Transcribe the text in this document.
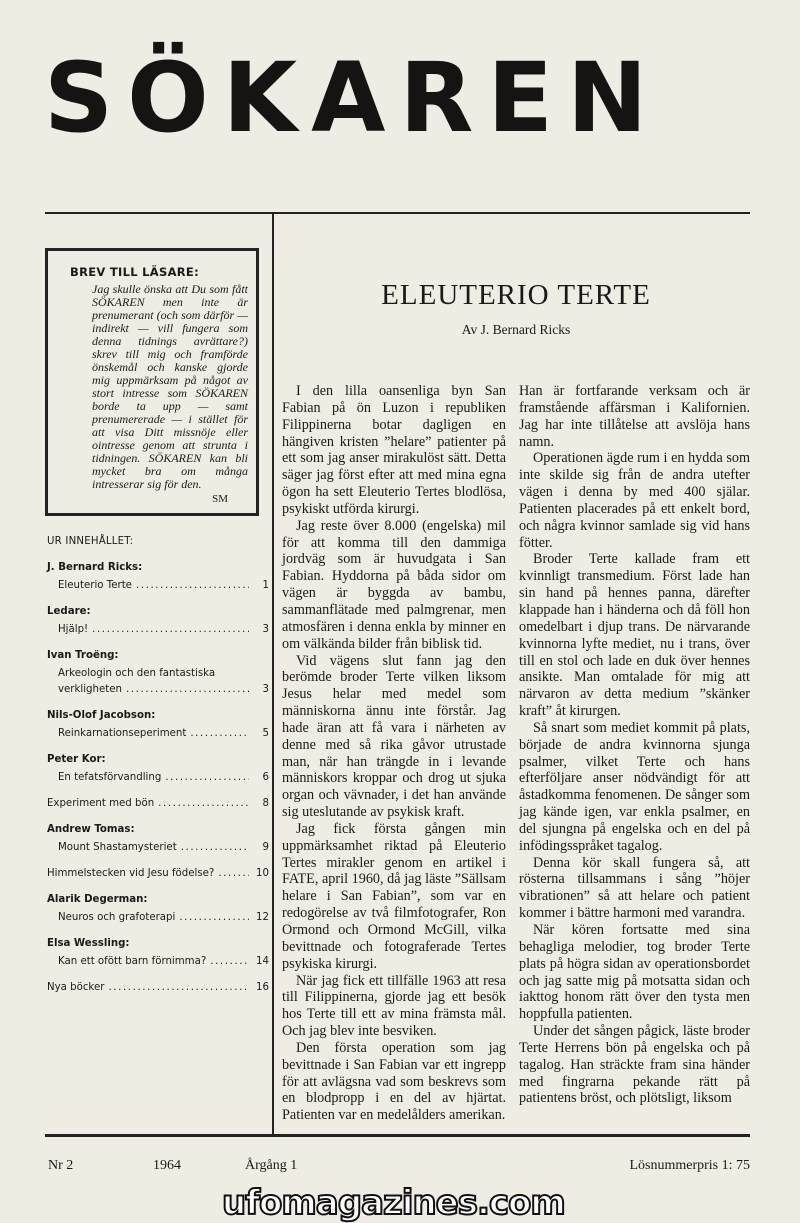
SÖKAREN
BREV TILL LÄSARE:
Jag skulle önska att Du som fått SÖKAREN men inte är prenumerant (och som därför — indirekt — vill fungera som denna tidnings avrättare?) skrev till mig och framförde önskemål och kanske gjorde mig uppmärksam på något av stort intresse som SÖKAREN borde ta upp — samt prenumererade — i stället för att visa Ditt missnöje eller ointresse genom att strunta i tidningen. SÖKAREN kan bli mycket bra om många intresserar sig för den.
SM
UR INNEHÅLLET:
J. Bernard Ricks:
Eleuterio Terte .....	1
Ledare:
Hjälp! .....	3
Ivan Troëng:
Arkeologin och den fantastiska
verkligheten .....	3
Nils-Olof Jacobson:
Reinkarnationseperiment .....	5
Peter Kor:
En tefatsförvandling .....	6
Experiment med bön .....	8
Andrew Tomas:
Mount Shastamysteriet .....	9
Himmelstecken vid Jesu födelse? .....	10
Alarik Degerman:
Neuros och grafoterapi .....	12
Elsa Wessling:
Kan ett ofött barn förnimma? .....	14
Nya böcker .....	16
ELEUTERIO TERTE
Av J. Bernard Ricks

I den lilla oansenliga byn San Fabian på ön Luzon i republiken Filippinerna botar dagligen en hängiven kristen ”helare” patienter på ett som jag anser mirakulöst sätt. Detta säger jag först efter att med mina egna ögon ha sett Eleuterio Tertes blodlösa, psykiskt utförda kirurgi.

Jag reste över 8.000 (engelska) mil för att komma till den dammiga jordväg som är huvudgata i San Fabian. Hyddorna på båda sidor om vägen är byggda av bambu, sammanflätade med palmgrenar, men atmosfären i denna enkla by minner en om välkända bilder från biblisk tid.

Vid vägens slut fann jag den berömde broder Terte vilken liksom Jesus helar med medel som människorna ännu inte förstår. Jag hade äran att få vara i närheten av denne med så rika gåvor utrustade man, när han trängde in i levande människors kroppar och drog ut sjuka organ och vävnader, i det han använde sig uteslutande av psykisk kraft.

Jag fick första gången min uppmärksamhet riktad på Eleuterio Tertes mirakler genom en artikel i FATE, april 1960, då jag läste ”Sällsam helare i San Fabian”, som var en redogörelse av två filmfotografer, Ron Ormond och Ormond McGill, vilka bevittnade och fotograferade Tertes psykiska kirurgi.

När jag fick ett tillfälle 1963 att resa till Filippinerna, gjorde jag ett besök hos Terte till ett av mina främsta mål. Och jag blev inte besviken.

Den första operation som jag bevittnade i San Fabian var ett ingrepp för att avlägsna vad som beskrevs som en blodpropp i en del av hjärtat. Patienten var en medelålders amerikan.

Han är fortfarande verksam och är framstående affärsman i Kalifornien. Jag har inte tillåtelse att avslöja hans namn.

Operationen ägde rum i en hydda som inte skilde sig från de andra utefter vägen i denna by med 400 själar. Patienten placerades på ett enkelt bord, och några kvinnor samlade sig vid hans fötter.

Broder Terte kallade fram ett kvinnligt transmedium. Först lade han sin hand på hennes panna, därefter klappade han i händerna och då föll hon omedelbart i djup trans. De närvarande kvinnorna lyfte mediet, nu i trans, över till en stol och lade en duk över hennes ansikte. Man omtalade för mig att närvaron av detta medium ”skänker kraft” åt kirurgen.

Så snart som mediet kommit på plats, började de andra kvinnorna sjunga psalmer, vilket Terte och hans efterföljare anser nödvändigt för att åstadkomma fenomenen. De sånger som jag kände igen, var enkla psalmer, en del sjungna på engelska och en del på infödingsspråket tagalog.

Denna kör skall fungera så, att rösterna tillsammans i sång ”höjer vibrationen” så att helare och patient kommer i bättre harmoni med varandra.

När kören fortsatte med sina behagliga melodier, tog broder Terte plats på högra sidan av operationsbordet och jag satte mig på motsatta sidan och iakttog honom rätt över den tysta men hoppfulla patienten.

Under det sången pågick, läste broder Terte Herrens bön på engelska och på tagalog. Han sträckte fram sina händer med fingrarna pekande rätt på patientens bröst, och plötsligt, liksom

Nr 2	1964	Årgång 1	Lösnummerpris 1: 75
ufomagazines.com
